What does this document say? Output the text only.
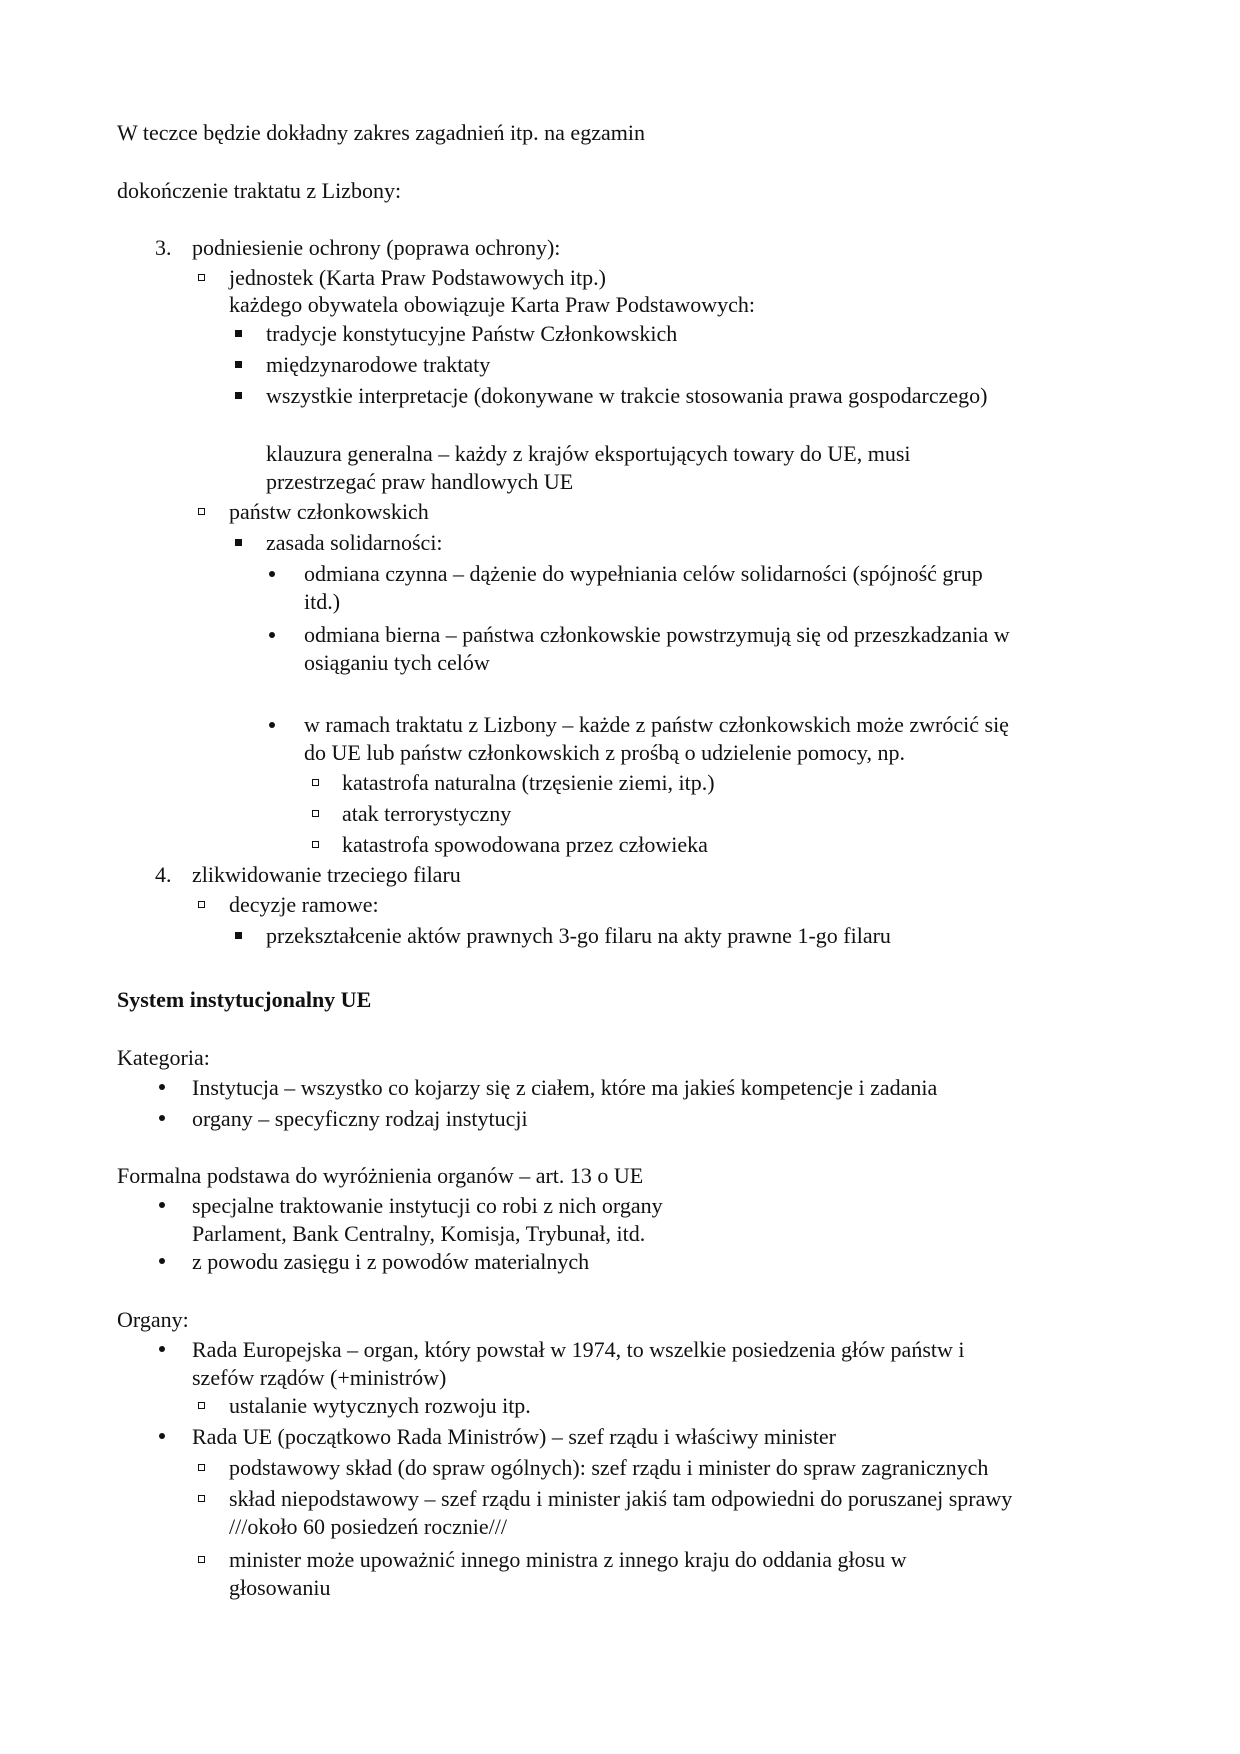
W teczce będzie dokładny zakres zagadnień itp. na egzamin
dokończenie traktatu z Lizbony:
3. podniesienie ochrony (poprawa ochrony):
jednostek (Karta Praw Podstawowych itp.)
każdego obywatela obowiązuje Karta Praw Podstawowych:
tradycje konstytucyjne Państw Członkowskich
międzynarodowe traktaty
wszystkie interpretacje (dokonywane w trakcie stosowania prawa gospodarczego)
klauzura generalna – każdy z krajów eksportujących towary do UE, musi
przestrzegać praw handlowych UE
państw członkowskich
zasada solidarności:
odmiana czynna – dążenie do wypełniania celów solidarności (spójność grup
itd.)
odmiana bierna – państwa członkowskie powstrzymują się od przeszkadzania w
osiąganiu tych celów
w ramach traktatu z Lizbony – każde z państw członkowskich może zwrócić się
do UE lub państw członkowskich z prośbą o udzielenie pomocy, np.
katastrofa naturalna (trzęsienie ziemi, itp.)
atak terrorystyczny
katastrofa spowodowana przez człowieka
4. zlikwidowanie trzeciego filaru
decyzje ramowe:
przekształcenie aktów prawnych 3-go filaru na akty prawne 1-go filaru
System instytucjonalny UE
Kategoria:
Instytucja – wszystko co kojarzy się z ciałem, które ma jakieś kompetencje i zadania
organy – specyficzny rodzaj instytucji
Formalna podstawa do wyróżnienia organów – art. 13 o UE
specjalne traktowanie instytucji co robi z nich organy
Parlament, Bank Centralny, Komisja, Trybunał, itd.
z powodu zasięgu i z powodów materialnych
Organy:
Rada Europejska – organ, który powstał w 1974, to wszelkie posiedzenia głów państw i
szefów rządów (+ministrów)
ustalanie wytycznych rozwoju itp.
Rada UE (początkowo Rada Ministrów) – szef rządu i właściwy minister
podstawowy skład (do spraw ogólnych): szef rządu i minister do spraw zagranicznych
skład niepodstawowy – szef rządu i minister jakiś tam odpowiedni do poruszanej sprawy
///około 60 posiedzeń rocznie///
minister może upoważnić innego ministra z innego kraju do oddania głosu w
głosowaniu
